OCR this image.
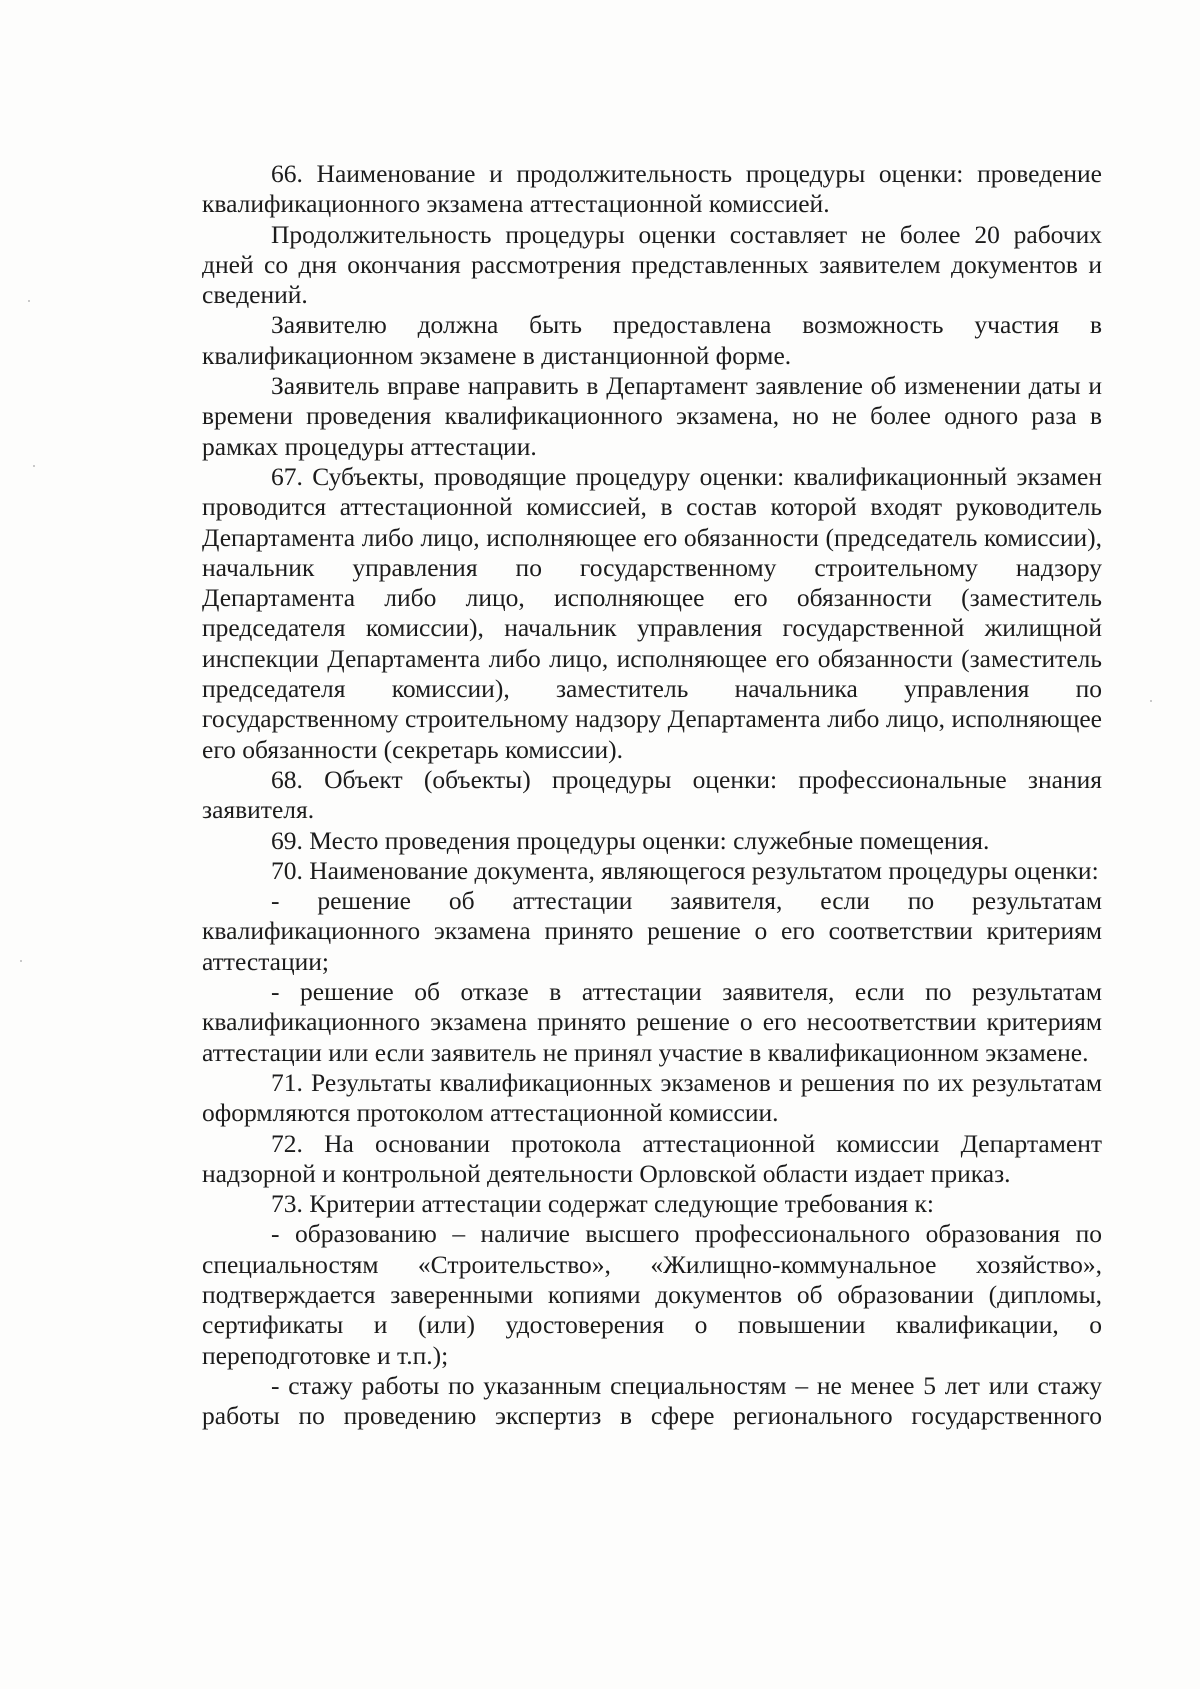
66. Наименование и продолжительность процедуры оценки: проведение квалификационного экзамена аттестационной комиссией.

Продолжительность процедуры оценки составляет не более 20 рабочих дней со дня окончания рассмотрения представленных заявителем документов и сведений.

Заявителю должна быть предоставлена возможность участия в квалификационном экзамене в дистанционной форме.

Заявитель вправе направить в Департамент заявление об изменении даты и времени проведения квалификационного экзамена, но не более одного раза в рамках процедуры аттестации.

67. Субъекты, проводящие процедуру оценки: квалификационный экзамен проводится аттестационной комиссией, в состав которой входят руководитель Департамента либо лицо, исполняющее его обязанности (председатель комиссии), начальник управления по государственному строительному надзору Департамента либо лицо, исполняющее его обязанности (заместитель председателя комиссии), начальник управления государственной жилищной инспекции Департамента либо лицо, исполняющее его обязанности (заместитель председателя комиссии), заместитель начальника управления по государственному строительному надзору Департамента либо лицо, исполняющее его обязанности (секретарь комиссии).

68. Объект (объекты) процедуры оценки: профессиональные знания заявителя.

69. Место проведения процедуры оценки: служебные помещения.

70. Наименование документа, являющегося результатом процедуры оценки:

- решение об аттестации заявителя, если по результатам квалификационного экзамена принято решение о его соответствии критериям аттестации;

- решение об отказе в аттестации заявителя, если по результатам квалификационного экзамена принято решение о его несоответствии критериям аттестации или если заявитель не принял участие в квалификационном экзамене.

71. Результаты квалификационных экзаменов и решения по их результатам оформляются протоколом аттестационной комиссии.

72. На основании протокола аттестационной комиссии Департамент надзорной и контрольной деятельности Орловской области издает приказ.

73. Критерии аттестации содержат следующие требования к:

- образованию – наличие высшего профессионального образования по специальностям «Строительство», «Жилищно-коммунальное хозяйство», подтверждается заверенными копиями документов об образовании (дипломы, сертификаты и (или) удостоверения о повышении квалификации, о переподготовке и т.п.);

- стажу работы по указанным специальностям – не менее 5 лет или стажу работы по проведению экспертиз в сфере регионального государственного
